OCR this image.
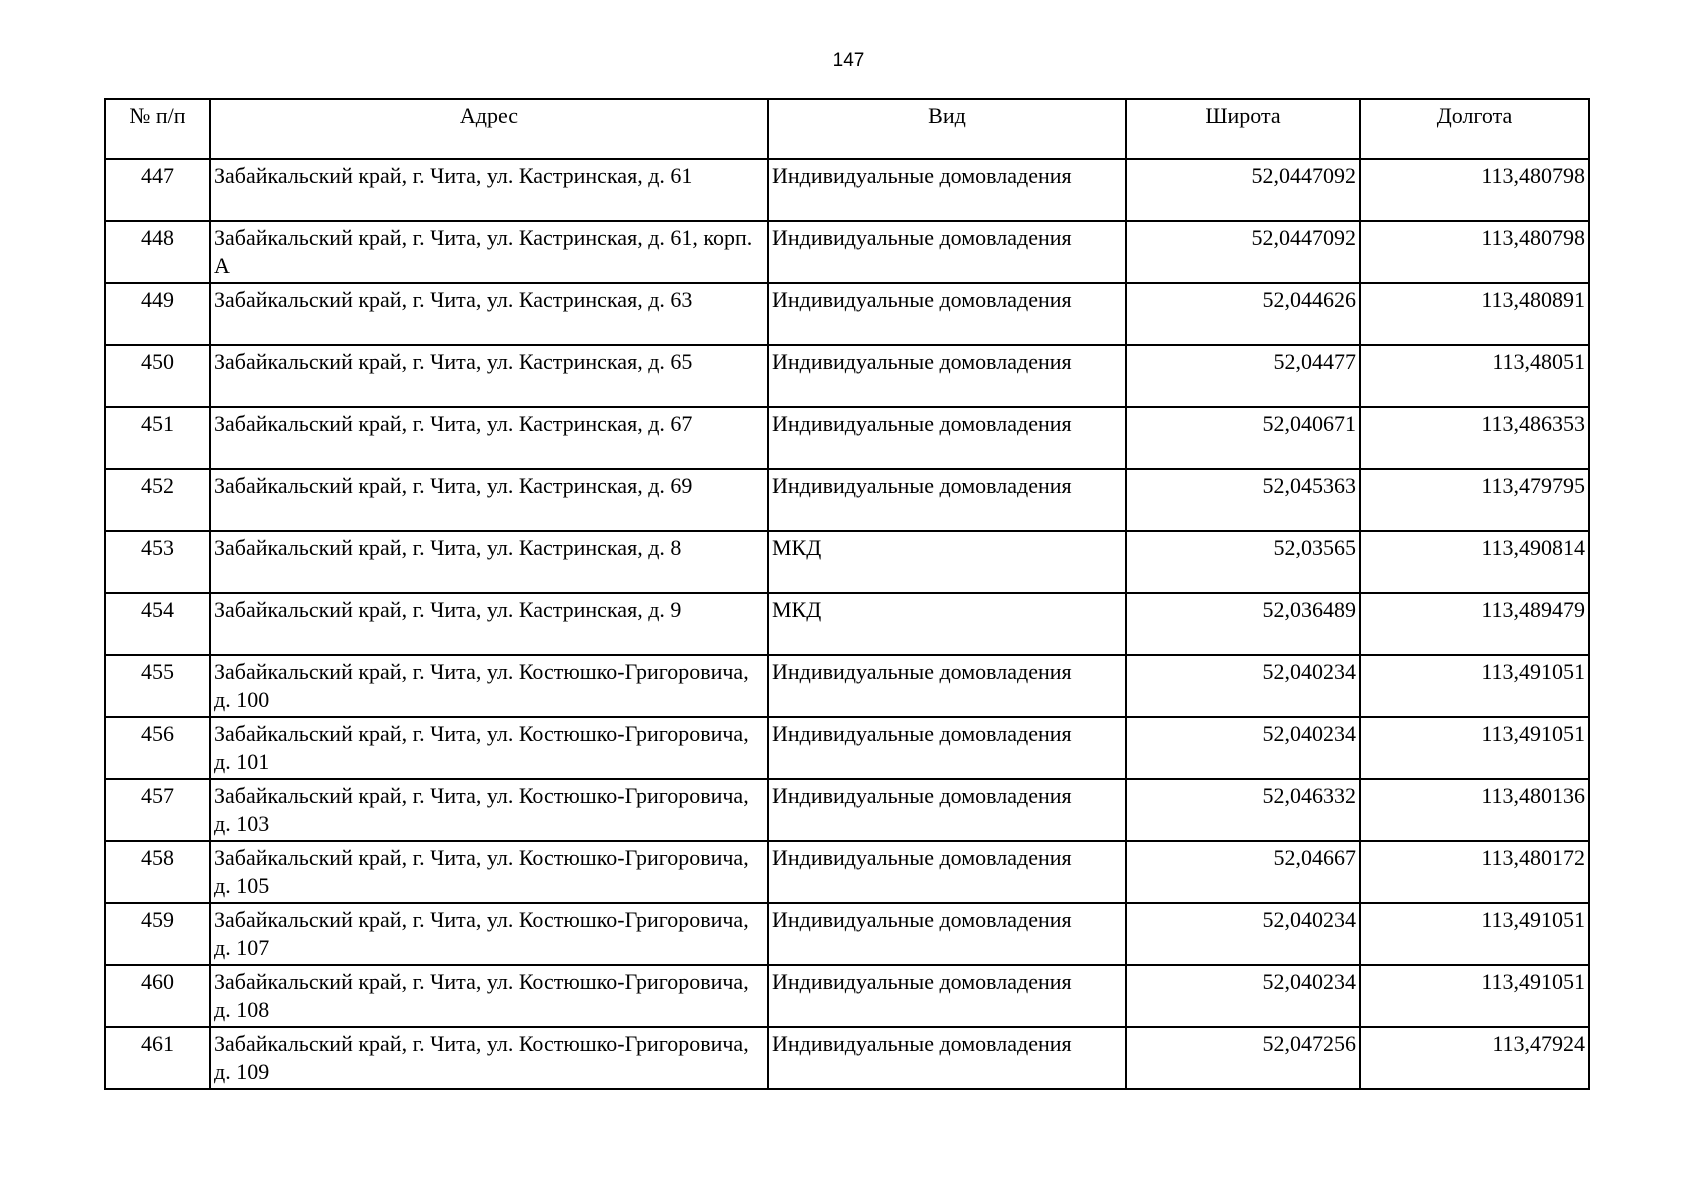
147
№ п/п	Адрес	Вид	Широта	Долгота
447	Забайкальский край, г. Чита, ул. Кастринская, д. 61	Индивидуальные домовладения	52,0447092	113,480798
448	Забайкальский край, г. Чита, ул. Кастринская, д. 61, корп. А	Индивидуальные домовладения	52,0447092	113,480798
449	Забайкальский край, г. Чита, ул. Кастринская, д. 63	Индивидуальные домовладения	52,044626	113,480891
450	Забайкальский край, г. Чита, ул. Кастринская, д. 65	Индивидуальные домовладения	52,04477	113,48051
451	Забайкальский край, г. Чита, ул. Кастринская, д. 67	Индивидуальные домовладения	52,040671	113,486353
452	Забайкальский край, г. Чита, ул. Кастринская, д. 69	Индивидуальные домовладения	52,045363	113,479795
453	Забайкальский край, г. Чита, ул. Кастринская, д. 8	МКД	52,03565	113,490814
454	Забайкальский край, г. Чита, ул. Кастринская, д. 9	МКД	52,036489	113,489479
455	Забайкальский край, г. Чита, ул. Костюшко-Григоровича, д. 100	Индивидуальные домовладения	52,040234	113,491051
456	Забайкальский край, г. Чита, ул. Костюшко-Григоровича, д. 101	Индивидуальные домовладения	52,040234	113,491051
457	Забайкальский край, г. Чита, ул. Костюшко-Григоровича, д. 103	Индивидуальные домовладения	52,046332	113,480136
458	Забайкальский край, г. Чита, ул. Костюшко-Григоровича, д. 105	Индивидуальные домовладения	52,04667	113,480172
459	Забайкальский край, г. Чита, ул. Костюшко-Григоровича, д. 107	Индивидуальные домовладения	52,040234	113,491051
460	Забайкальский край, г. Чита, ул. Костюшко-Григоровича, д. 108	Индивидуальные домовладения	52,040234	113,491051
461	Забайкальский край, г. Чита, ул. Костюшко-Григоровича, д. 109	Индивидуальные домовладения	52,047256	113,47924
